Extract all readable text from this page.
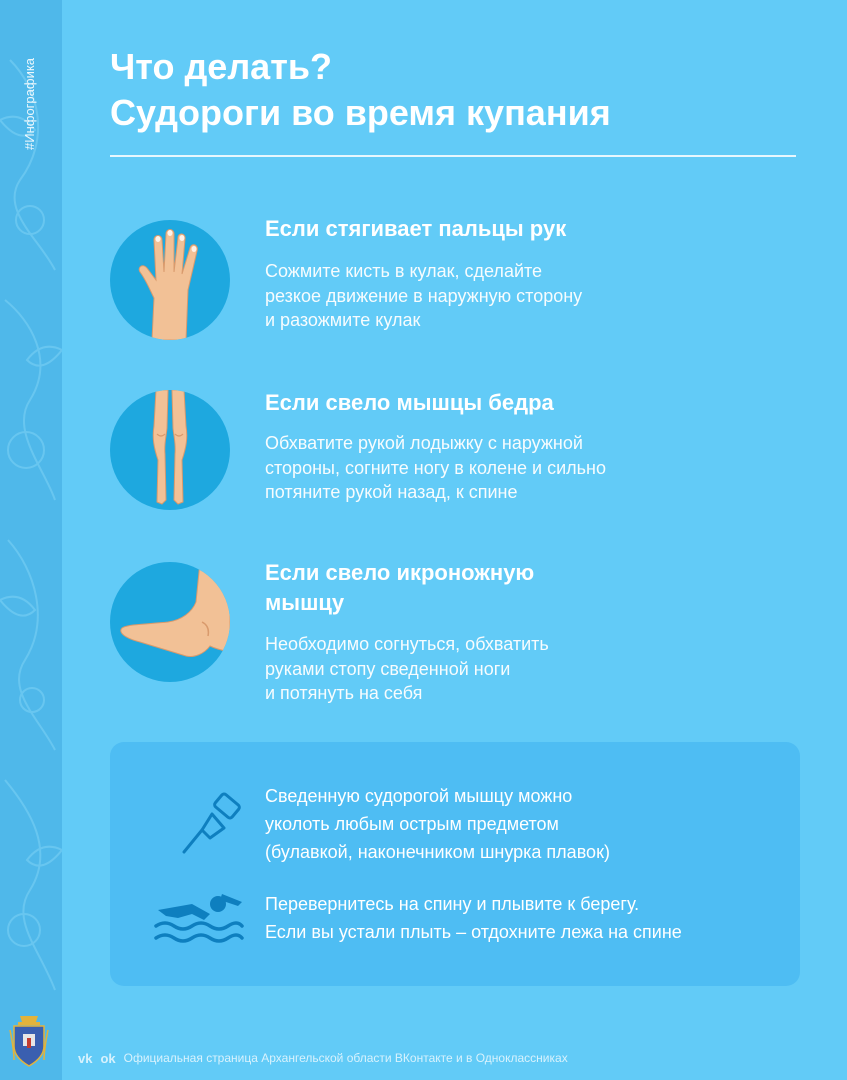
#Инфографика Что делать?
Судороги во время купания
Если стягивает пальцы рук
Сожмите кисть в кулак, сделайте
резкое движение в наружную сторону
и разожмите кулак
Если свело мышцы бедра
Обхватите рукой лодыжку с наружной
стороны, согните ногу в колене и сильно
потяните рукой назад, к спине
Если свело икроножную
мышцу
Необходимо согнуться, обхватить
руками стопу сведенной ноги
и потянуть на себя
Сведенную судорогой мышцу можно
уколоть любым острым предметом
(булавкой, наконечником шнурка плавок)
Перевернитесь на спину и плывите к берегу.
Если вы устали плыть – отдохните лежа на спине
vk ok Официальная страница Архангельской области ВКонтакте и в Одноклассниках
